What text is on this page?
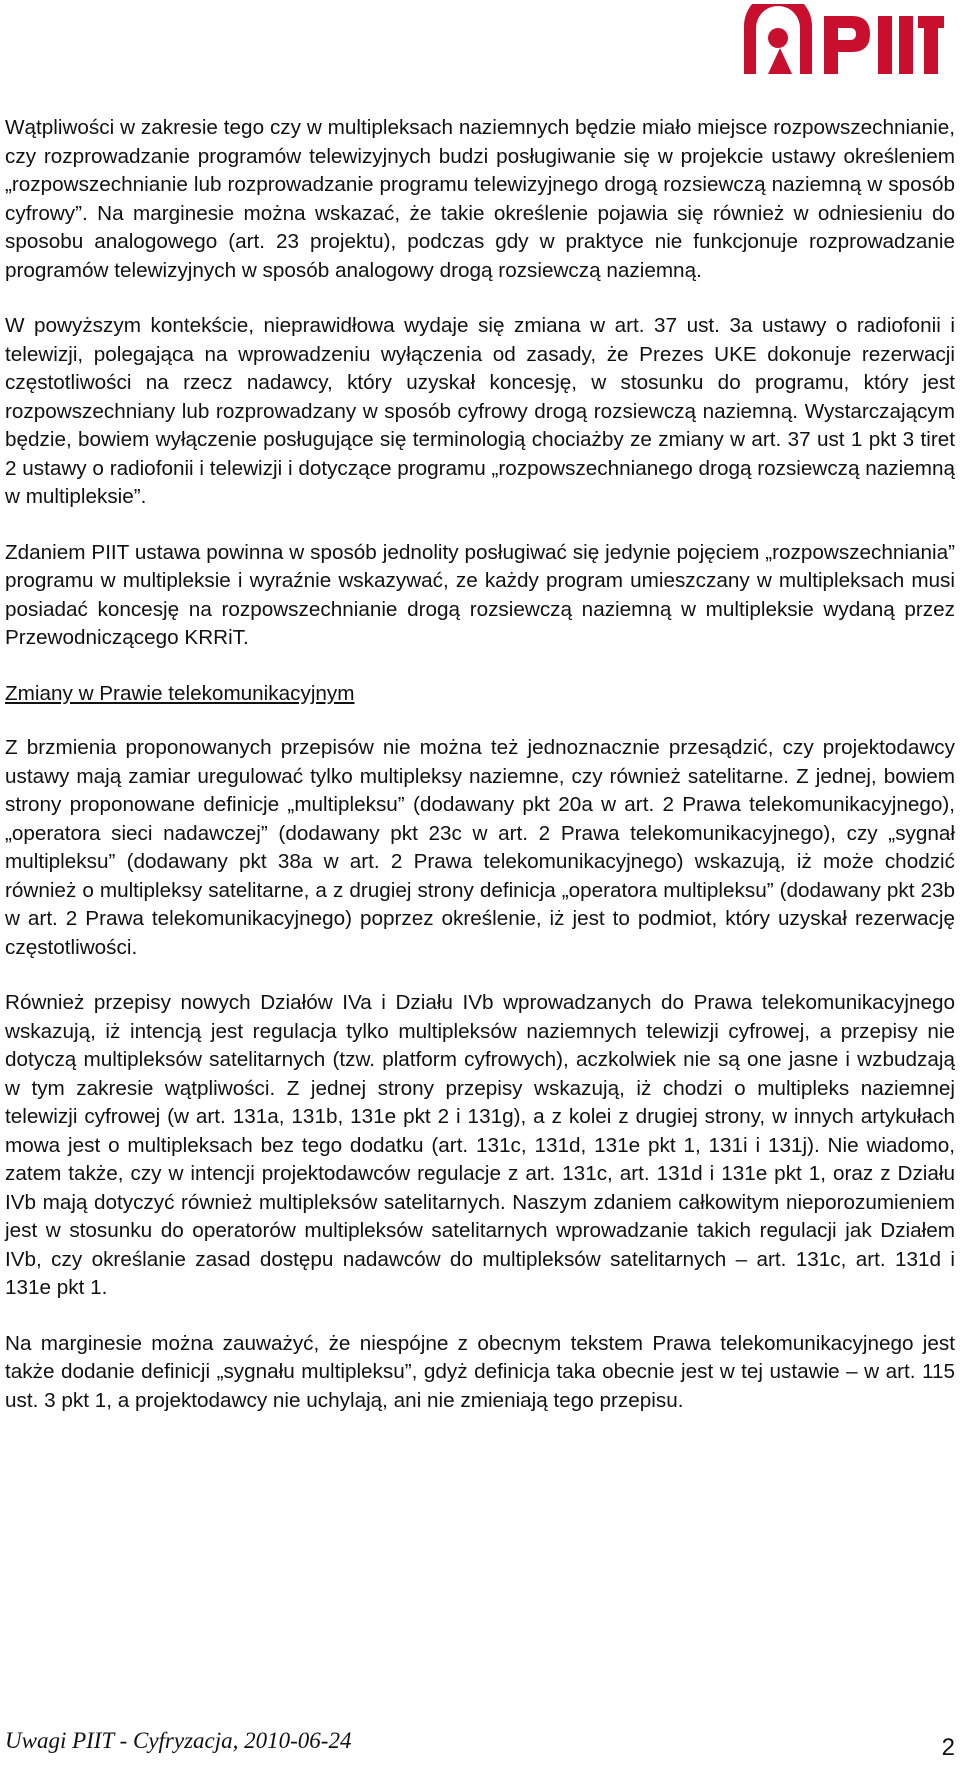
Wątpliwości w zakresie tego czy w multipleksach naziemnych będzie miało miejsce rozpowszechnianie, czy rozprowadzanie programów telewizyjnych budzi posługiwanie się w projekcie ustawy określeniem „rozpowszechnianie lub rozprowadzanie programu telewizyjnego drogą rozsiewczą naziemną w sposób cyfrowy”. Na marginesie można wskazać, że takie określenie pojawia się również w odniesieniu do sposobu analogowego (art. 23 projektu), podczas gdy w praktyce nie funkcjonuje rozprowadzanie programów telewizyjnych w sposób analogowy drogą rozsiewczą naziemną.

W powyższym kontekście, nieprawidłowa wydaje się zmiana w art. 37 ust. 3a ustawy o radiofonii i telewizji, polegająca na wprowadzeniu wyłączenia od zasady, że Prezes UKE dokonuje rezerwacji częstotliwości na rzecz nadawcy, który uzyskał koncesję, w stosunku do programu, który jest rozpowszechniany lub rozprowadzany w sposób cyfrowy drogą rozsiewczą naziemną. Wystarczającym będzie, bowiem wyłączenie posługujące się terminologią chociażby ze zmiany w art. 37 ust 1 pkt 3 tiret 2 ustawy o radiofonii i telewizji i dotyczące programu „rozpowszechnianego drogą rozsiewczą naziemną w multipleksie”.

Zdaniem PIIT ustawa powinna w sposób jednolity posługiwać się jedynie pojęciem „rozpowszechniania” programu w multipleksie i wyraźnie wskazywać, ze każdy program umieszczany w multipleksach musi posiadać koncesję na rozpowszechnianie drogą rozsiewczą naziemną w multipleksie wydaną przez Przewodniczącego KRRiT.

Zmiany w Prawie telekomunikacyjnym

Z brzmienia proponowanych przepisów nie można też jednoznacznie przesądzić, czy projektodawcy ustawy mają zamiar uregulować tylko multipleksy naziemne, czy również satelitarne. Z jednej, bowiem strony proponowane definicje „multipleksu” (dodawany pkt 20a w art. 2 Prawa telekomunikacyjnego), „operatora sieci nadawczej” (dodawany pkt 23c w art. 2 Prawa telekomunikacyjnego), czy „sygnał multipleksu” (dodawany pkt 38a w art. 2 Prawa telekomunikacyjnego) wskazują, iż może chodzić również o multipleksy satelitarne, a z drugiej strony definicja „operatora multipleksu” (dodawany pkt 23b w art. 2 Prawa telekomunikacyjnego) poprzez określenie, iż jest to podmiot, który uzyskał rezerwację częstotliwości.

Również przepisy nowych Działów IVa i Działu IVb wprowadzanych do Prawa telekomunikacyjnego wskazują, iż intencją jest regulacja tylko multipleksów naziemnych telewizji cyfrowej, a przepisy nie dotyczą multipleksów satelitarnych (tzw. platform cyfrowych), aczkolwiek nie są one jasne i wzbudzają w tym zakresie wątpliwości. Z jednej strony przepisy wskazują, iż chodzi o multipleks naziemnej telewizji cyfrowej (w art. 131a, 131b, 131e pkt 2 i 131g), a z kolei z drugiej strony, w innych artykułach mowa jest o multipleksach bez tego dodatku (art. 131c, 131d, 131e pkt 1, 131i i 131j). Nie wiadomo, zatem także, czy w intencji projektodawców regulacje z art. 131c, art. 131d i 131e pkt 1, oraz z Działu IVb mają dotyczyć również multipleksów satelitarnych. Naszym zdaniem całkowitym nieporozumieniem jest w stosunku do operatorów multipleksów satelitarnych wprowadzanie takich regulacji jak Działem IVb, czy określanie zasad dostępu nadawców do multipleksów satelitarnych – art. 131c, art. 131d i 131e pkt 1.

Na marginesie można zauważyć, że niespójne z obecnym tekstem Prawa telekomunikacyjnego jest także dodanie definicji „sygnału multipleksu”, gdyż definicja taka obecnie jest w tej ustawie – w art. 115 ust. 3 pkt 1, a projektodawcy nie uchylają, ani nie zmieniają tego przepisu.

Uwagi PIIT - Cyfryzacja, 2010-06-24	2
